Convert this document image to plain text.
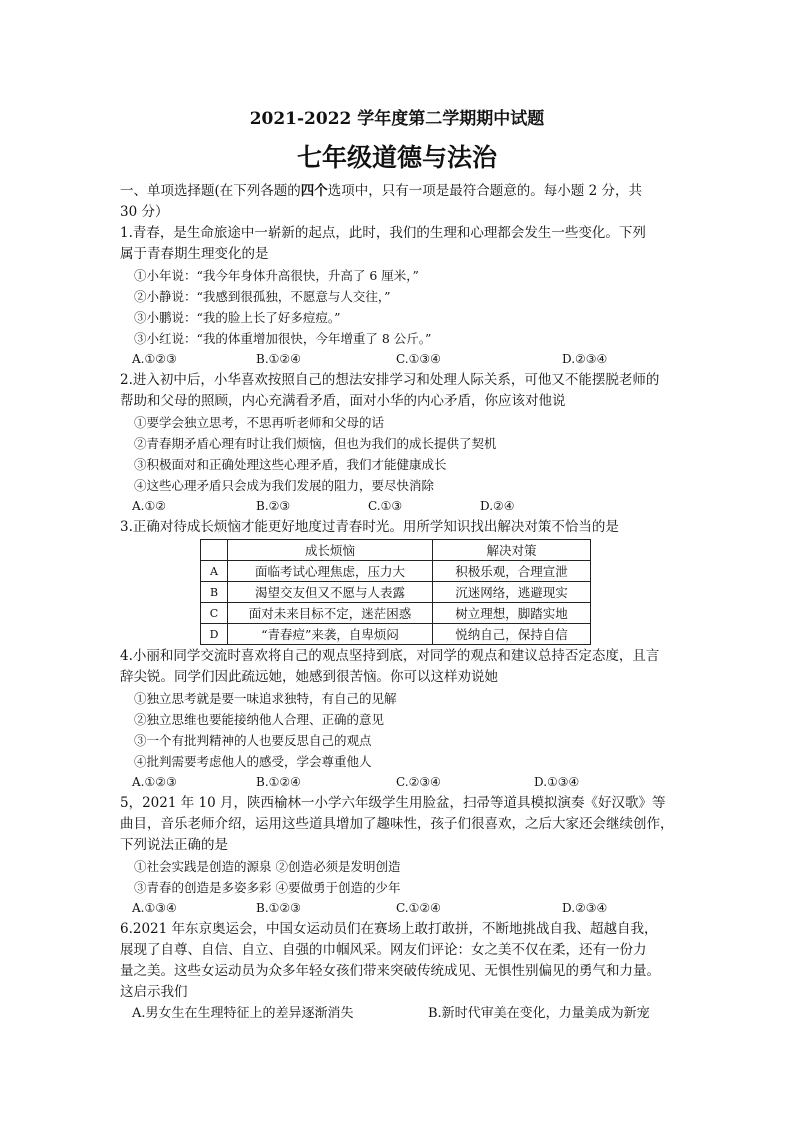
2021-2022 学年度第二学期期中试题
七年级道德与法治
一、单项选择题(在下列各题的四个选项中，只有一项是最符合题意的。每小题 2 分，共
30 分）
1.青春，是生命旅途中一崭新的起点，此时，我们的生理和心理都会发生一些变化。下列
属于青春期生理变化的是
①小年说：“我今年身体升高很快，升高了 6 厘米，”
②小静说：“我感到很孤独，不愿意与人交往，”
③小鹏说：“我的脸上长了好多痘痘。”
③小红说：“我的体重增加很快，今年增重了 8 公斤。”
A.①②③	B.①②④	C.①③④	D.②③④
2.进入初中后，小华喜欢按照自己的想法安排学习和处理人际关系，可他又不能摆脱老师的
帮助和父母的照顾，内心充满看矛盾，面对小华的内心矛盾，你应该对他说
①要学会独立思考，不思再听老师和父母的话
②青春期矛盾心理有时让我们烦恼，但也为我们的成长提供了契机
③积极面对和正确处理这些心理矛盾，我们才能健康成长
④这些心理矛盾只会成为我们发展的阻力，要尽快消除
A.①②	B.②③	C.①③	D.②④
3.正确对待成长烦恼才能更好地度过青春时光。用所学知识找出解决对策不恰当的是
	成长烦恼	解决对策
A	面临考试心理焦虑，压力大	积极乐观，合理宣泄
B	渴望交友但又不愿与人表露	沉迷网络，逃避现实
C	面对未来目标不定，迷茫困惑	树立理想，脚踏实地
D	“青春痘”来袭，自卑烦闷	悦纳自己，保持自信
4.小丽和同学交流时喜欢将自己的观点坚持到底，对同学的观点和建议总持否定态度，且言
辞尖锐。同学们因此疏远她，她感到很苦恼。你可以这样劝说她
①独立思考就是要一味追求独特，有自己的见解
②独立思维也要能接纳他人合理、正确的意见
③一个有批判精神的人也要反思自己的观点
④批判需要考虑他人的感受，学会尊重他人
A.①②③	B.①②④	C.②③④	D.①③④
5，2021 年 10 月，陕西榆林一小学六年级学生用脸盆，扫帚等道具模拟演奏《好汉歌》等
曲目，音乐老师介绍，运用这些道具增加了趣味性，孩子们很喜欢，之后大家还会继续创作，
下列说法正确的是
①社会实践是创造的源泉 ②创造必须是发明创造
③青春的创造是多姿多彩 ④要做勇于创造的少年
A.①③④	B.①②③	C.①②④	D.②③④
6.2021 年东京奥运会，中国女运动员们在赛场上敢打敢拼，不断地挑战自我、超越自我，
展现了自尊、自信、自立、自强的巾帼风采。网友们评论：女之美不仅在柔，还有一份力
量之美。这些女运动员为众多年轻女孩们带来突破传统成见、无惧性别偏见的勇气和力量。
这启示我们
A.男女生在生理特征上的差异逐渐消失	B.新时代审美在变化，力量美成为新宠
